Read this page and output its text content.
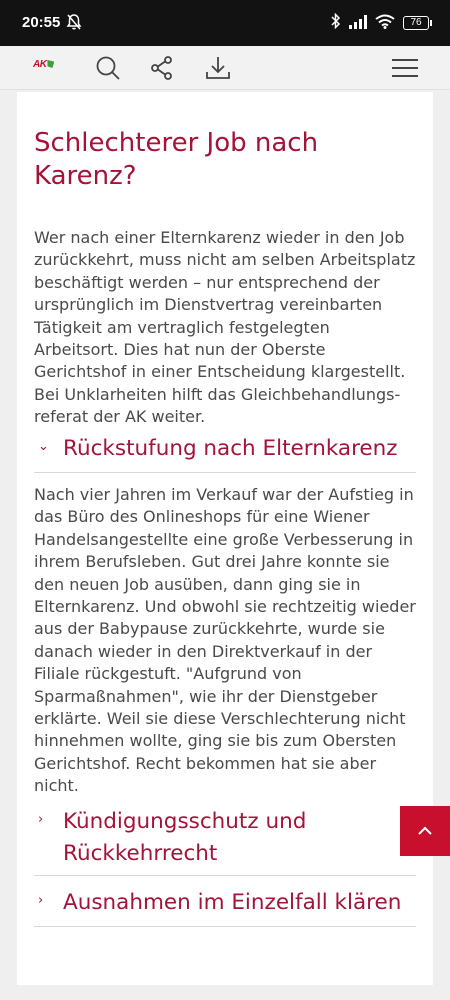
20:55	76
AK
Schlechterer Job nach Karenz?

Wer nach einer Elternkarenz wieder in den Job zurückkehrt, muss nicht am selben Arbeitsplatz beschäftigt werden – nur entsprechend der ursprünglich im Dienstvertrag vereinbarten Tätigkeit am vertraglich festgelegten Arbeitsort. Dies hat nun der Oberste Gerichtshof in einer Entscheidung klargestellt. Bei Unklarheiten hilft das Gleichbehandlungs-referat der AK weiter.

⌄ Rückstufung nach Elternkarenz

Nach vier Jahren im Verkauf war der Aufstieg in das Büro des Onlineshops für eine Wiener Handelsangestellte eine große Verbesserung in ihrem Berufsleben. Gut drei Jahre konnte sie den neuen Job ausüben, dann ging sie in Elternkarenz. Und obwohl sie rechtzeitig wieder aus der Babypause zurückkehrte, wurde sie danach wieder in den Direktverkauf in der Filiale rückgestuft. "Aufgrund von Sparmaßnahmen", wie ihr der Dienstgeber erklärte. Weil sie diese Verschlechterung nicht hinnehmen wollte, ging sie bis zum Obersten Gerichtshof. Recht bekommen hat sie aber nicht.

› Kündigungsschutz und Rückkehrrecht
› Ausnahmen im Einzelfall klären
